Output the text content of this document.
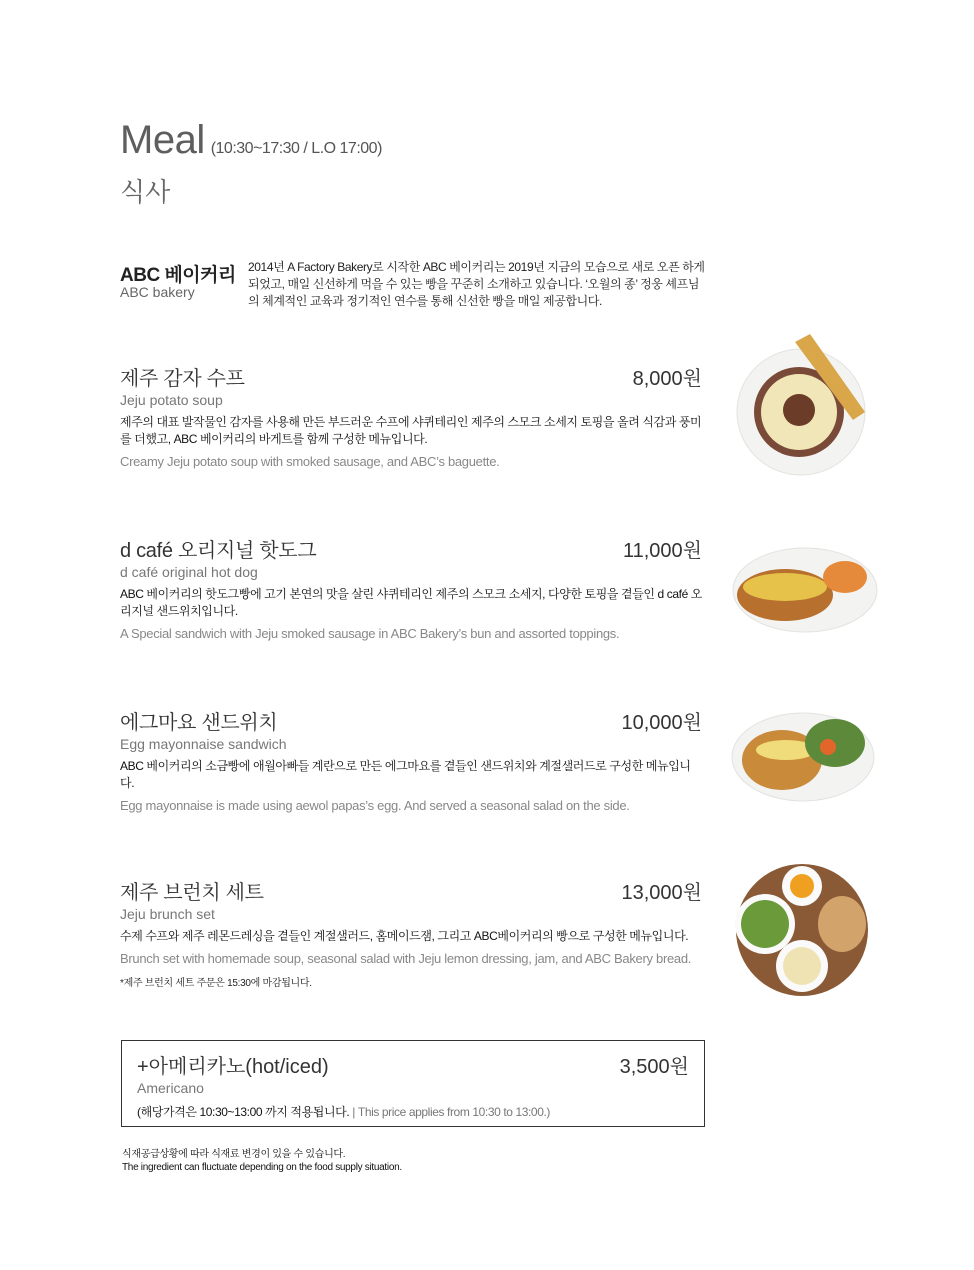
Meal (10:30~17:30 / L.O 17:00)
식사
ABC 베이커리
ABC bakery
2014년 A Factory Bakery로 시작한 ABC 베이커리는 2019년 지금의 모습으로 새로 오픈 하게 되었고, 매일 신선하게 먹을 수 있는 빵을 꾸준히 소개하고 있습니다. ‘오월의 종’ 정웅 셰프님의 체계적인 교육과 정기적인 연수를 통해 신선한 빵을 매일 제공합니다.
제주 감자 수프	8,000원
Jeju potato soup
제주의 대표 발작물인 감자를 사용해 만든 부드러운 수프에 샤퀴테리인 제주의 스모크 소세지 토핑을 올려 식감과 풍미를 더했고, ABC 베이커리의 바게트를 함께 구성한 메뉴입니다.
Creamy Jeju potato soup with smoked sausage, and ABC’s baguette.
d café 오리지널 핫도그	11,000원
d café original hot dog
ABC 베이커리의 핫도그빵에 고기 본연의 맛을 살린 샤퀴테리인 제주의 스모크 소세지, 다양한 토핑을 곁들인 d café 오리지널 샌드위치입니다.
A Special sandwich with Jeju smoked sausage in ABC Bakery’s bun and assorted toppings.
에그마요 샌드위치	10,000원
Egg mayonnaise sandwich
ABC 베이커리의 소금빵에 애월아빠들 계란으로 만든 에그마요를 곁들인 샌드위치와 계절샐러드로 구성한 메뉴입니다.
Egg mayonnaise is made using aewol papas’s egg. And served a seasonal salad on the side.
제주 브런치 세트	13,000원
Jeju brunch set
수제 수프와 제주 레몬드레싱을 곁들인 계절샐러드, 홈메이드잼, 그리고 ABC베이커리의 빵으로 구성한 메뉴입니다.
Brunch set with homemade soup, seasonal salad with Jeju lemon dressing, jam, and ABC Bakery bread.
*제주 브런치 세트 주문은 15:30에 마감됩니다.
+아메리카노(hot/iced)	3,500원
Americano
(해당가격은 10:30~13:00 까지 적용됩니다. | This price applies from 10:30 to 13:00.)
식재공급상황에 따라 식재료 변경이 있을 수 있습니다.
The ingredient can fluctuate depending on the food supply situation.
